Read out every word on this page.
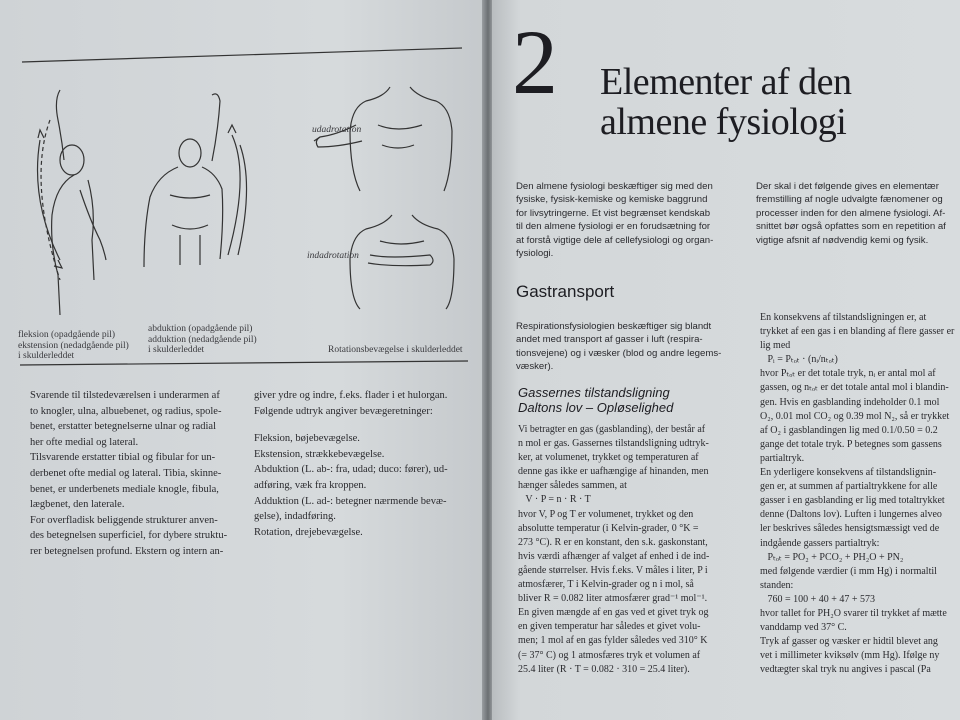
udadrotation
indadrotation
fleksion (opadgående pil)
ekstension (nedadgående pil)
i skulderleddet
abduktion (opadgående pil)
adduktion (nedadgående pil)
i skulderleddet	Rotationsbevægelse i skulderleddet

Svarende til tilstedeværelsen i underarmen af

to knogler, ulna, albuebenet, og radius, spole-

benet, erstatter betegnelserne ulnar og radial

her ofte medial og lateral.

Tilsvarende erstatter tibial og fibular for un-

derbenet ofte medial og lateral. Tibia, skinne-

benet, er underbenets mediale knogle, fibula,

lægbenet, den laterale.

For overfladisk beliggende strukturer anven-

des betegnelsen superficiel, for dybere struktu-

rer betegnelsen profund. Ekstern og intern an-

giver ydre og indre, f.eks. flader i et hulorgan.

Følgende udtryk angiver bevægeretninger:

Fleksion, bøjebevægelse.

Ekstension, strækkebevægelse.

Abduktion (L. ab-: fra, udad; duco: fører), ud-

adføring, væk fra kroppen.

Adduktion (L. ad-: betegner nærmende bevæ-

gelse), indadføring.

Rotation, drejebevægelse.

2 Elementer af den
almene fysiologi

Den almene fysiologi beskæftiger sig med den

fysiske, fysisk-kemiske og kemiske baggrund

for livsytringerne. Et vist begrænset kendskab

til den almene fysiologi er en forudsætning for

at forstå vigtige dele af cellefysiologi og organ-

fysiologi.

Der skal i det følgende gives en elementær

fremstilling af nogle udvalgte fænomener og

processer inden for den almene fysiologi. Af-

snittet bør også opfattes som en repetition af

vigtige afsnit af nødvendig kemi og fysik.

Gastransport

Respirationsfysiologien beskæftiger sig blandt

andet med transport af gasser i luft (respira-

tionsvejene) og i væsker (blod og andre legems-

væsker).

Gassernes tilstandsligning
Daltons lov – Opløselighed

Vi betragter en gas (gasblanding), der består af

n mol er gas. Gassernes tilstandsligning udtryk-

ker, at volumenet, trykket og temperaturen af

denne gas ikke er uafhængige af hinanden, men

hænger således sammen, at

V · P = n · R · T

hvor V, P og T er volumenet, trykket og den

absolutte temperatur (i Kelvin-grader, 0 °K =

273 °C). R er en konstant, den s.k. gaskonstant,

hvis værdi afhænger af valget af enhed i de ind-

gående størrelser. Hvis f.eks. V måles i liter, P i

atmosfærer, T i Kelvin-grader og n i mol, så

bliver R = 0.082 liter atmosfærer grad⁻¹ mol⁻¹.

En given mængde af en gas ved et givet tryk og

en given temperatur har således et givet volu-

men; 1 mol af en gas fylder således ved 310° K

(= 37° C) og 1 atmosfæres tryk et volumen af

25.4 liter (R · T = 0.082 · 310 = 25.4 liter).

En konsekvens af tilstandsligningen er, at

trykket af een gas i en blanding af flere gasser er

lig med

Pᵢ = Pₜₒₜ · (nᵢ/nₜₒₜ)

hvor Pₜₒₜ er det totale tryk, nᵢ er antal mol af

gassen, og nₜₒₜ er det totale antal mol i blandin-

gen. Hvis en gasblanding indeholder 0.1 mol

O₂, 0.01 mol CO₂ og 0.39 mol N₂, så er trykket

af O₂ i gasblandingen lig med 0.1/0.50 = 0.2

gange det totale tryk. P betegnes som gassens

partialtryk.

En yderligere konsekvens af tilstandslignin-

gen er, at summen af partialtrykkene for alle

gasser i en gasblanding er lig med totaltrykket

denne (Daltons lov). Luften i lungernes alveo

ler beskrives således hensigtsmæssigt ved de

indgående gassers partialtryk:

Pₜₒₜ = PO₂ + PCO₂ + PH₂O + PN₂

med følgende værdier (i mm Hg) i normaltil

standen:

760 = 100 + 40 + 47 + 573

hvor tallet for PH₂O svarer til trykket af mætte

vanddamp ved 37° C.

Tryk af gasser og væsker er hidtil blevet ang

vet i millimeter kviksølv (mm Hg). Ifølge ny

vedtægter skal tryk nu angives i pascal (Pa
